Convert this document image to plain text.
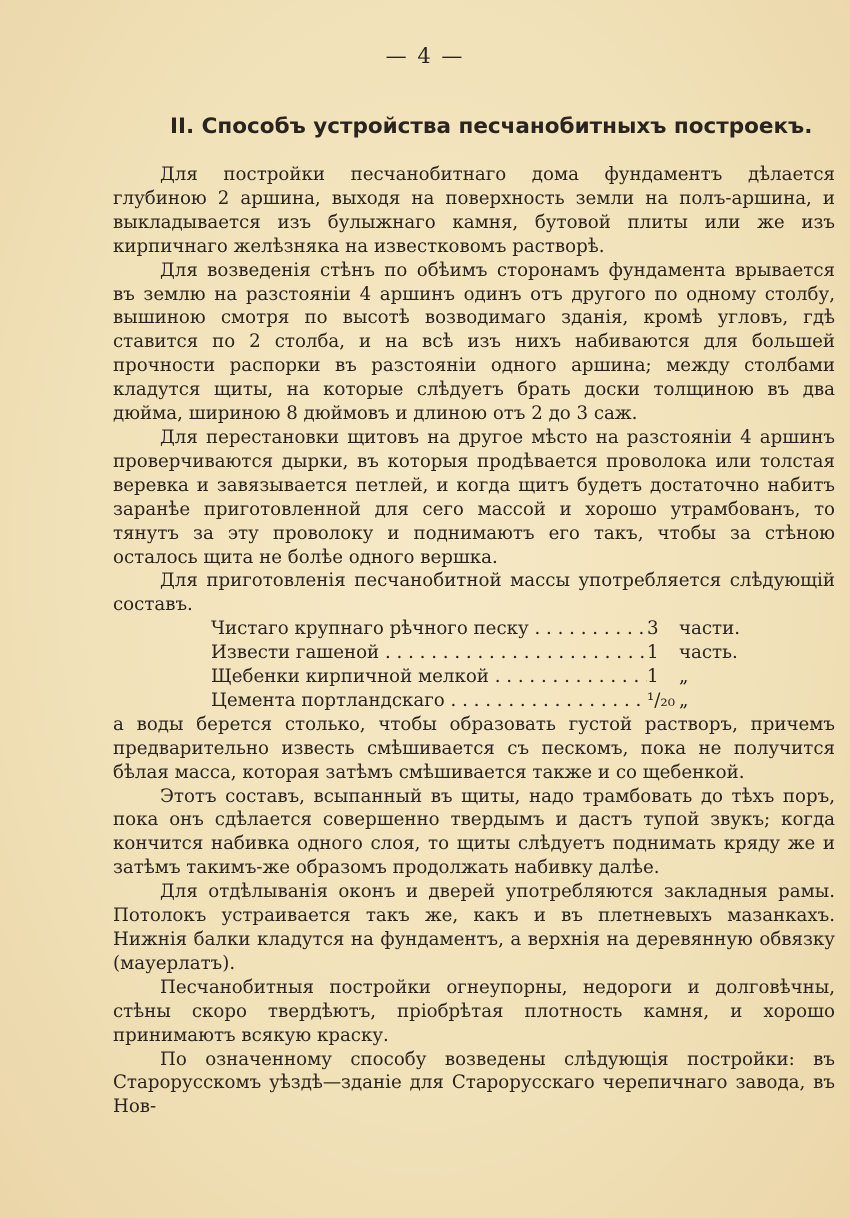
— 4 —
II. Способъ устройства песчанобитныхъ построекъ.

Для постройки песчанобитнаго дома фундаментъ дѣлается глубиною 2 аршина, выходя на поверхность земли на полъ-аршина, и выкладывается изъ булыжнаго камня, бутовой плиты или же изъ кирпичнаго желѣзняка на известковомъ растворѣ.

Для возведенія стѣнъ по обѣимъ сторонамъ фундамента врывается въ землю на разстояніи 4 аршинъ одинъ отъ другого по одному столбу, вышиною смотря по высотѣ возводимаго зданія, кромѣ угловъ, гдѣ ставится по 2 столба, и на всѣ изъ нихъ набиваются для большей прочности распорки въ разстояніи одного аршина; между столбами кладутся щиты, на которые слѣдуетъ брать доски толщиною въ два дюйма, шириною 8 дюймовъ и длиною отъ 2 до 3 саж.

Для перестановки щитовъ на другое мѣсто на разстояніи 4 аршинъ проверчиваются дырки, въ которыя продѣвается проволока или толстая веревка и завязывается петлей, и когда щитъ будетъ достаточно набитъ заранѣе приготовленной для сего массой и хорошо утрамбованъ, то тянутъ за эту проволоку и поднимаютъ его такъ, чтобы за стѣною осталось щита не болѣе одного вершка.

Для приготовленія песчанобитной массы употребляется слѣдующій составъ.

Чистаго крупнаго рѣчного песку . . .	3	части.
Извести гашеной . . .	1	часть.
Щебенки кирпичной мелкой . . .	1	„
Цемента портландскаго . . .	¹/₂₀ „

а воды берется столько, чтобы образовать густой растворъ, причемъ предварительно известь смѣшивается съ пескомъ, пока не получится бѣлая масса, которая затѣмъ смѣшивается также и со щебенкой.

Этотъ составъ, всыпанный въ щиты, надо трамбовать до тѣхъ поръ, пока онъ сдѣлается совершенно твердымъ и дастъ тупой звукъ; когда кончится набивка одного слоя, то щиты слѣдуетъ поднимать кряду же и затѣмъ такимъ-же образомъ продолжать набивку далѣе.

Для отдѣлыванія оконъ и дверей употребляются закладныя рамы. Потолокъ устраивается такъ же, какъ и въ плетневыхъ мазанкахъ. Нижнія балки кладутся на фундаментъ, а верхнія на деревянную обвязку (мауерлатъ).

Песчанобитныя постройки огнеупорны, недороги и долговѣчны, стѣны скоро твердѣютъ, пріобрѣтая плотность камня, и хорошо принимаютъ всякую краску.

По означенному способу возведены слѣдующія постройки: въ Старорусскомъ уѣздѣ—зданіе для Старорусскаго черепичнаго завода, въ Нов-
